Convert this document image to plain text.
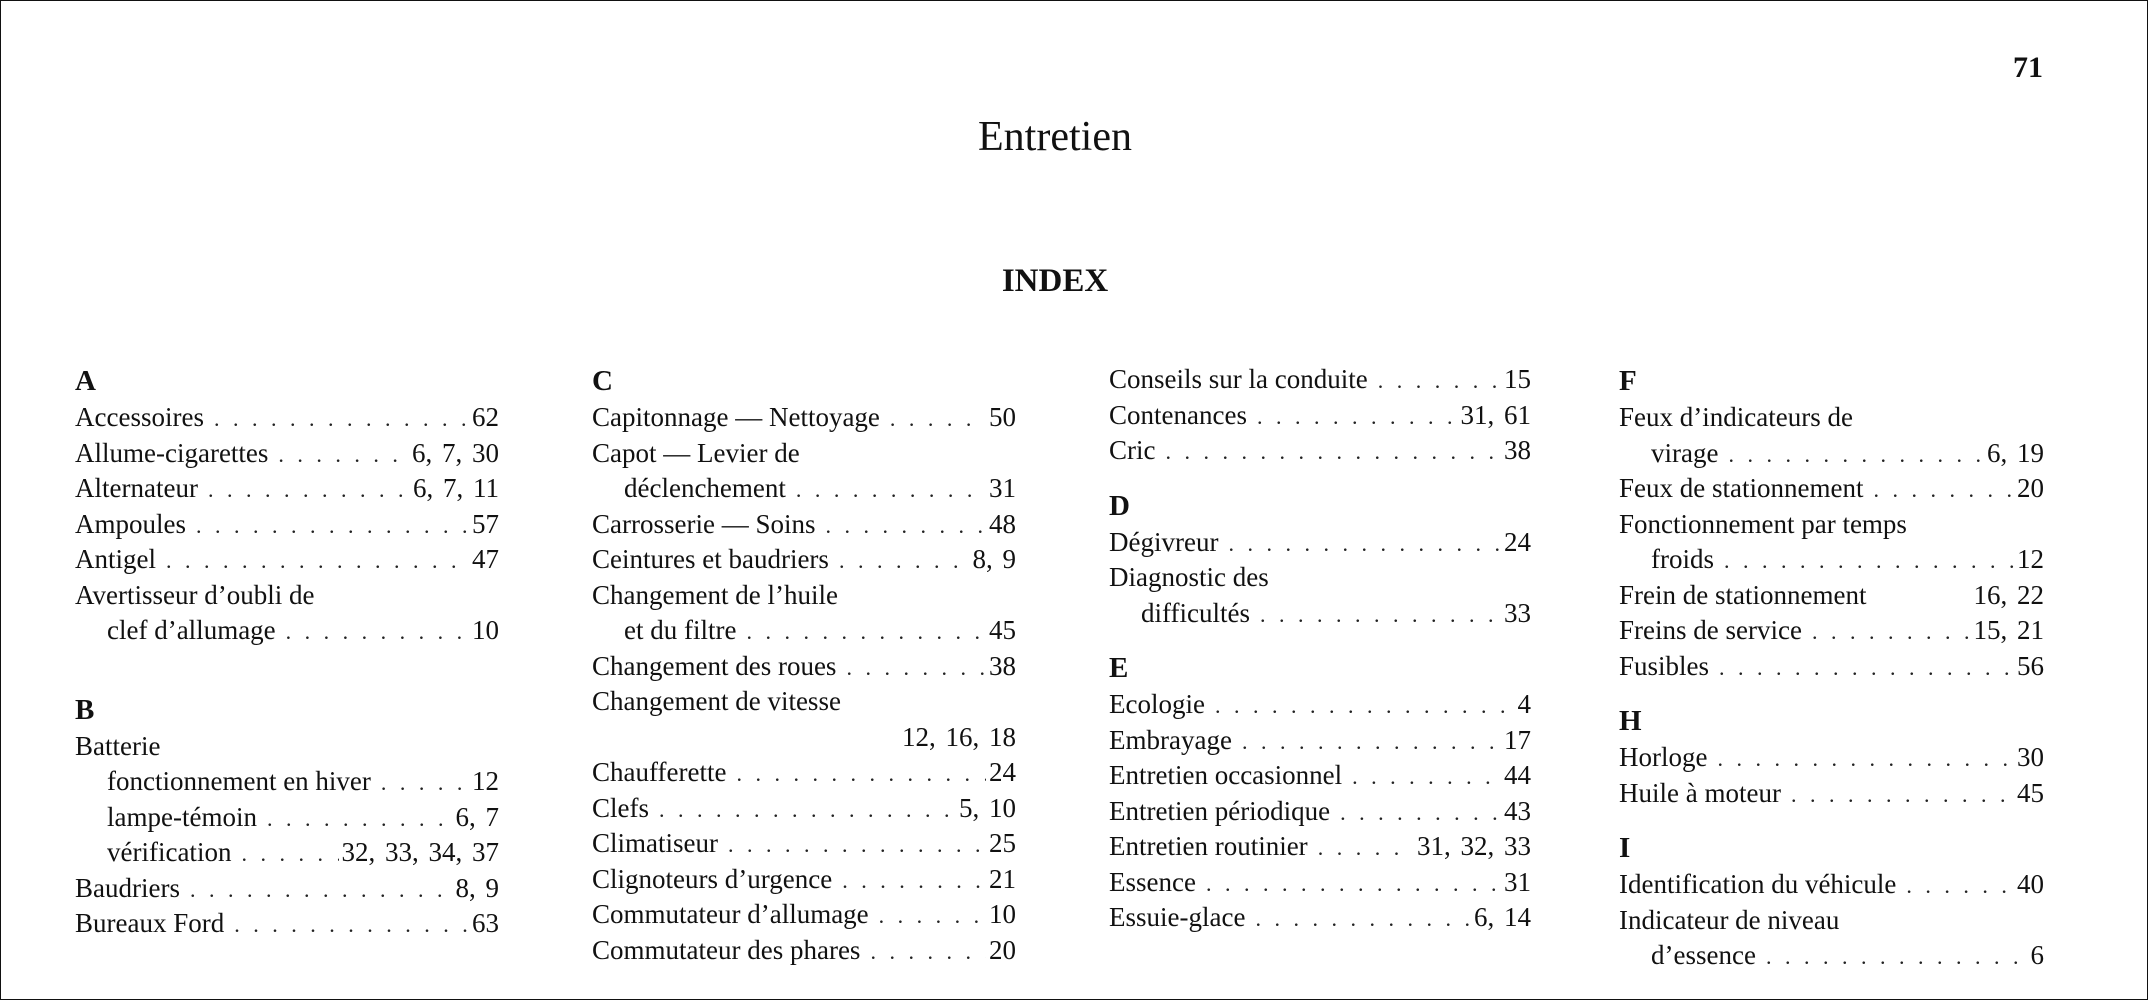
71
Entretien
INDEX
A
Accessoires . . .	62
Allume-cigarettes . . .	6, 7, 30
Alternateur . . .	6, 7, 11
Ampoules . . .	57
Antigel . . .	47
Avertisseur d’oubli de
clef d’allumage . . .	10
B
Batterie
fonctionnement en hiver . . .	12
lampe-témoin . . .	6, 7
vérification . . .	32, 33, 34, 37
Baudriers . . .	8, 9
Bureaux Ford . . .	63
C
Capitonnage — Nettoyage . . .	50
Capot — Levier de
déclenchement . . .	31
Carrosserie — Soins . . .	48
Ceintures et baudriers . . .	8, 9
Changement de l’huile
et du filtre . . .	45
Changement des roues . . .	38
Changement de vitesse
12, 16, 18
Chaufferette . . .	24
Clefs . . .	5, 10
Climatiseur . . .	25
Clignoteurs d’urgence . . .	21
Commutateur d’allumage . . .	10
Commutateur des phares . . .	20
Conseils sur la conduite . . .	15
Contenances . . .	31, 61
Cric . . .	38
D
Dégivreur . . .	24
Diagnostic des
difficultés . . .	33
E
Ecologie . . .	4
Embrayage . . .	17
Entretien occasionnel . . .	44
Entretien périodique . . .	43
Entretien routinier . . .	31, 32, 33
Essence . . .	31
Essuie-glace . . .	6, 14
F
Feux d’indicateurs de
virage . . .	6, 19
Feux de stationnement . . .	20
Fonctionnement par temps
froids . . .	12
Frein de stationnement	16, 22
Freins de service . . .	15, 21
Fusibles . . .	56
H
Horloge . . .	30
Huile à moteur . . .	45
I
Identification du véhicule . . .	40
Indicateur de niveau
d’essence . . .	6
